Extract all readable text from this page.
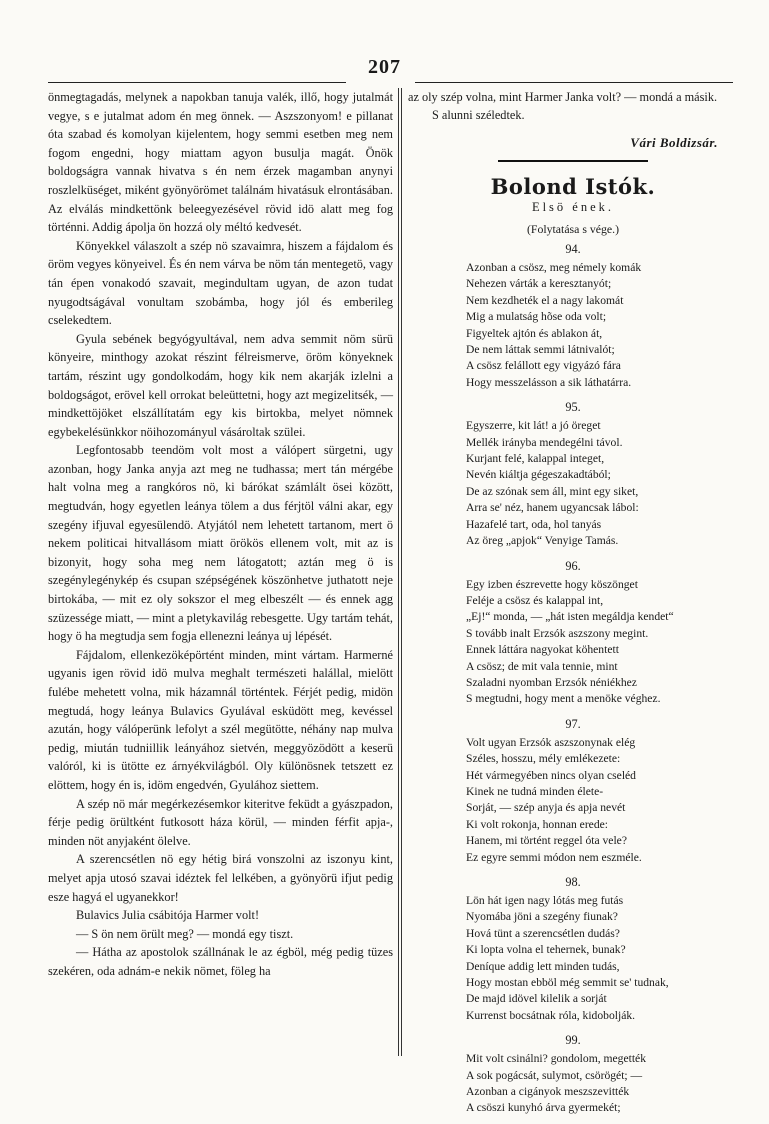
207

önmegtagadás, melynek a napokban tanuja valék, illő, hogy jutalmát vegye, s e jutalmat adom én meg önnek. — Aszszonyom! e pillanat óta szabad és komolyan kijelentem, hogy semmi esetben meg nem fogom engedni, hogy miattam agyon busulja magát. Önök boldogságra vannak hivatva s én nem érzek magamban anynyi roszlelküséget, miként gyönyörömet találnám hivatásuk elrontásában. Az elválás mindkettönk beleegyezésével rövid idö alatt meg fog történni. Addig ápolja ön hozzá oly méltó kedvesét.

Könyekkel válaszolt a szép nö szavaimra, hiszem a fájdalom és öröm vegyes könyeivel. És én nem várva be nöm tán mentegetö, vagy tán épen vonakodó szavait, megindultam ugyan, de azon tudat nyugodtságával vonultam szobámba, hogy jól és emberileg cselekedtem.

Gyula sebének begyógyultával, nem adva semmit nöm sürü könyeire, minthogy azokat részint félreismerve, öröm könyeknek tartám, részint ugy gondolkodám, hogy kik nem akarják izlelni a boldogságot, erövel kell orrokat beleüttetni, hogy azt megizelitsék, — mindkettöjöket elszállítatám egy kis birtokba, melyet nömnek egybekelésünkkor nöihozományul vásároltak szülei.

Legfontosabb teendöm volt most a válópert sürgetni, ugy azonban, hogy Janka anyja azt meg ne tudhassa; mert tán mérgébe halt volna meg a rangkóros nö, ki bárókat számlált ösei között, megtudván, hogy egyetlen leánya tölem a dus férjtöl válni akar, egy szegény ifjuval egyesülendö. Atyjától nem lehetett tartanom, mert ö nekem politicai hitvallásom miatt örökös ellenem volt, mit az is bizonyit, hogy soha meg nem látogatott; aztán meg ö is szegénylegénykép és csupan szépségének köszönhetve juthatott neje birtokába, — mit ez oly sokszor el meg elbeszélt — és ennek agg szüzessége miatt, — mint a pletykavilág rebesgette. Ugy tartám tehát, hogy ö ha megtudja sem fogja ellenezni leánya uj lépését.

Fájdalom, ellenkezöképörtént minden, mint vártam. Harmerné ugyanis igen rövid idö mulva meghalt természeti halállal, mielött fulébe mehetett volna, mik házamnál történtek. Férjét pedig, midön megtudá, hogy leánya Bulavics Gyulával esküdött meg, kevéssel azután, hogy válóperünk lefolyt a szél megütötte, néhány nap mulva pedig, miután tudniillik leányához sietvén, meggyözödött a keserü valóról, ki is ütötte ez árnyékvilágból. Oly különösnek tetszett ez elöttem, hogy én is, idöm engedvén, Gyulához siettem.

A szép nö már megérkezésemkor kiteritve feküdt a gyászpadon, férje pedig örültként futkosott háza körül, — minden férfit apja-, minden nöt anyjaként ölelve.

A szerencsétlen nö egy hétig birá vonszolni az iszonyu kint, melyet apja utosó szavai idéztek fel lelkében, a gyönyörü ifjut pedig esze hagyá el ugyanekkor!

Bulavics Julia csábitója Harmer volt!

— S ön nem örült meg? — mondá egy tiszt.

— Hátha az apostolok szállnának le az égböl, még pedig tüzes szekéren, oda adnám-e nekik nömet, föleg ha

az oly szép volna, mint Harmer Janka volt? — mondá a másik.

S alunni széledtek.

Vári Boldizsár.
Bolond Istók.
Elsö ének.
(Folytatása s vége.)
94.
Azonban a csösz, meg némely komák
Nehezen várták a keresztanyót;
Nem kezdheték el a nagy lakomát
Mig a mulatság hõse oda volt;
Figyeltek ajtón és ablakon át,
De nem láttak semmi látnivalót;
A csösz felállott egy vigyázó fára
Hogy messzelásson a sik láthatárra.
95.
Egyszerre, kit lát! a jó öreget
Mellék irányba mendegélni távol.
Kurjant felé, kalappal integet,
Nevén kiáltja gégeszakadtából;
De az szónak sem áll, mint egy siket,
Arra se' néz, hanem ugyancsak lábol:
Hazafelé tart, oda, hol tanyás
Az öreg „apjok“ Venyige Tamás.
96.
Egy izben észrevette hogy köszönget
Feléje a csösz és kalappal int,
„Ej!“ monda, — „hát isten megáldja kendet“
S tovább inalt Erzsók aszszony megint.
Ennek láttára nagyokat köhentett
A csösz; de mit vala tennie, mint
Szaladni nyomban Erzsók néniékhez
S megtudni, hogy ment a menöke véghez.
97.
Volt ugyan Erzsók aszszonynak elég
Széles, hosszu, mély emlékezete:
Hét vármegyében nincs olyan cseléd
Kinek ne tudná minden élete-
Sorját, — szép anyja és apja nevét
Ki volt rokonja, honnan erede:
Hanem, mi történt reggel óta vele?
Ez egyre semmi módon nem eszméle.
98.
Lön hát igen nagy lótás meg futás
Nyomába jöni a szegény fiunak?
Hová tünt a szerencsétlen dudás?
Ki lopta volna el tehernek, bunak?
Deníque addig lett minden tudás,
Hogy mostan ebböl még semmit se' tudnak,
De majd idövel kilelik a sorját
Kurrenst bocsátnak róla, kidobolják.
99.
Mit volt csinálni? gondolom, megették
A sok pogácsát, sulymot, csörögét; —
Azonban a cigányok meszszevitték
A csöszi kunyhó árva gyermekét;
